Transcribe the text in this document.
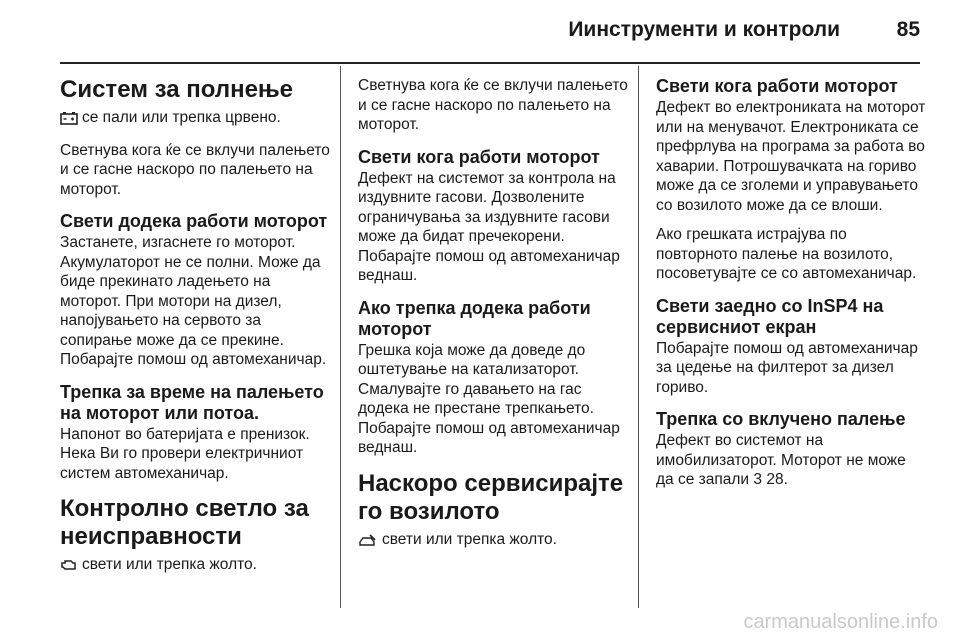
Иинструменти и контроли	85
Систем за полнење

се пали или трепка црвено.

Светнува кога ќе се вклучи палењето и се гасне наскоро по палењето на моторот.

Свети додека работи моторот

Застанете, изгаснете го моторот. Акумулаторот не се полни. Може да биде прекинато ладењето на моторот. При мотори на дизел, напојувањето на сервото за сопирање може да се прекине. Побарајте помош од автомеханичар.

Трепка за време на палењето на моторот или потоа.

Напонот во батеријата е пренизок. Нека Ви го провери електричниот систем автомеханичар.

Контролно светло за неисправности

свети или трепка жолто.

Светнува кога ќе се вклучи палењето и се гасне наскоро по палењето на моторот.

Свети кога работи моторот

Дефект на системот за контрола на издувните гасови. Дозволените ограничувања за издувните гасови може да бидат пречекорени. Побарајте помош од автомеханичар веднаш.

Ако трепка додека работи моторот

Грешка која може да доведе до оштетување на катализаторот. Смалувајте го давањето на гас додека не престане трепкањето. Побарајте помош од автомеханичар веднаш.

Наскоро сервисирајте го возилото

свети или трепка жолто.

Свети кога работи моторот

Дефект во електрониката на моторот или на менувачот. Електрониката се префрлува на програма за работа во хаварии. Потрошувачката на гориво може да се зголеми и управувањето со возилото може да се влоши.

Ако грешката истрајува по повторното палење на возилото, посоветувајте се со автомеханичар.

Свети заедно со InSP4 на сервисниот екран

Побарајте помош од автомеханичар за цедење на филтерот за дизел гориво.

Трепка со вклучено палење

Дефект во системот на имобилизаторот. Моторот не може да се запали 3 28.

carmanualsonline.info
